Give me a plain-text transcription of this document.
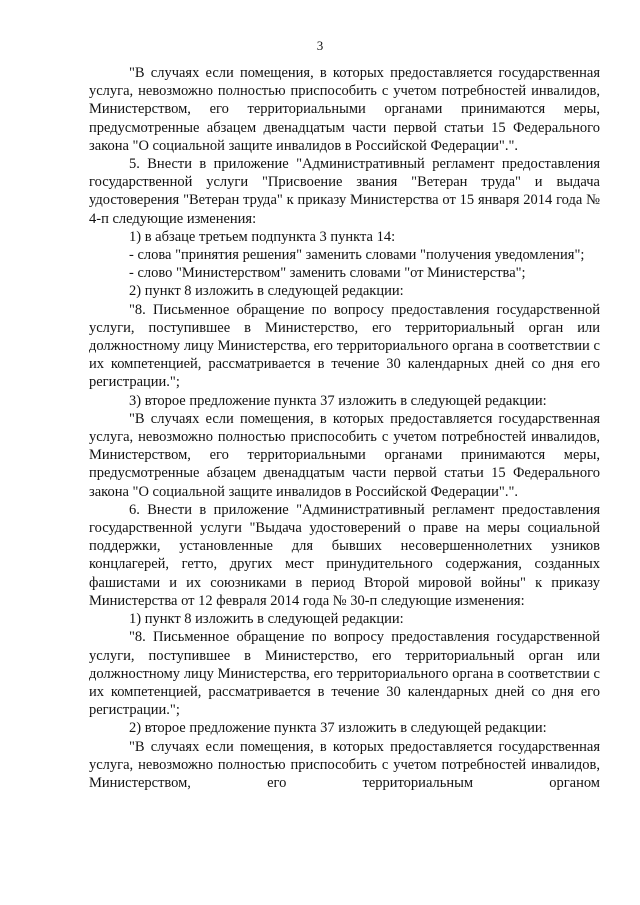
3

"В случаях если помещения, в которых предоставляется государственная услуга, невозможно полностью приспособить с учетом потребностей инвалидов, Министерством, его территориальными органами принимаются меры, предусмотренные абзацем двенадцатым части первой статьи 15 Федерального закона "О социальной защите инвалидов в Российской Федерации".".

5. Внести в приложение "Административный регламент предоставления государственной услуги "Присвоение звания "Ветеран труда" и выдача удостоверения "Ветеран труда" к приказу Министерства от 15 января 2014 года № 4-п следующие изменения:

1) в абзаце третьем подпункта 3 пункта 14:

- слова "принятия решения" заменить словами "получения уведомления";

- слово "Министерством" заменить словами "от Министерства";

2) пункт 8 изложить в следующей редакции:

"8. Письменное обращение по вопросу предоставления государственной услуги, поступившее в Министерство, его территориальный орган или должностному лицу Министерства, его территориального органа в соответствии с их компетенцией, рассматривается в течение 30 календарных дней со дня его регистрации.";

3) второе предложение пункта 37 изложить в следующей редакции:

"В случаях если помещения, в которых предоставляется государственная услуга, невозможно полностью приспособить с учетом потребностей инвалидов, Министерством, его территориальными органами принимаются меры, предусмотренные абзацем двенадцатым части первой статьи 15 Федерального закона "О социальной защите инвалидов в Российской Федерации".".

6. Внести в приложение "Административный регламент предоставления государственной услуги "Выдача удостоверений о праве на меры социальной поддержки, установленные для бывших несовершеннолетних узников концлагерей, гетто, других мест принудительного содержания, созданных фашистами и их союзниками в период Второй мировой войны" к приказу Министерства от 12 февраля 2014 года № 30-п следующие изменения:

1) пункт 8 изложить в следующей редакции:

"8. Письменное обращение по вопросу предоставления государственной услуги, поступившее в Министерство, его территориальный орган или должностному лицу Министерства, его территориального органа в соответствии с их компетенцией, рассматривается в течение 30 календарных дней со дня его регистрации.";

2) второе предложение пункта 37 изложить в следующей редакции:

"В случаях если помещения, в которых предоставляется государственная услуга, невозможно полностью приспособить с учетом потребностей инвалидов, Министерством, его территориальным органом
